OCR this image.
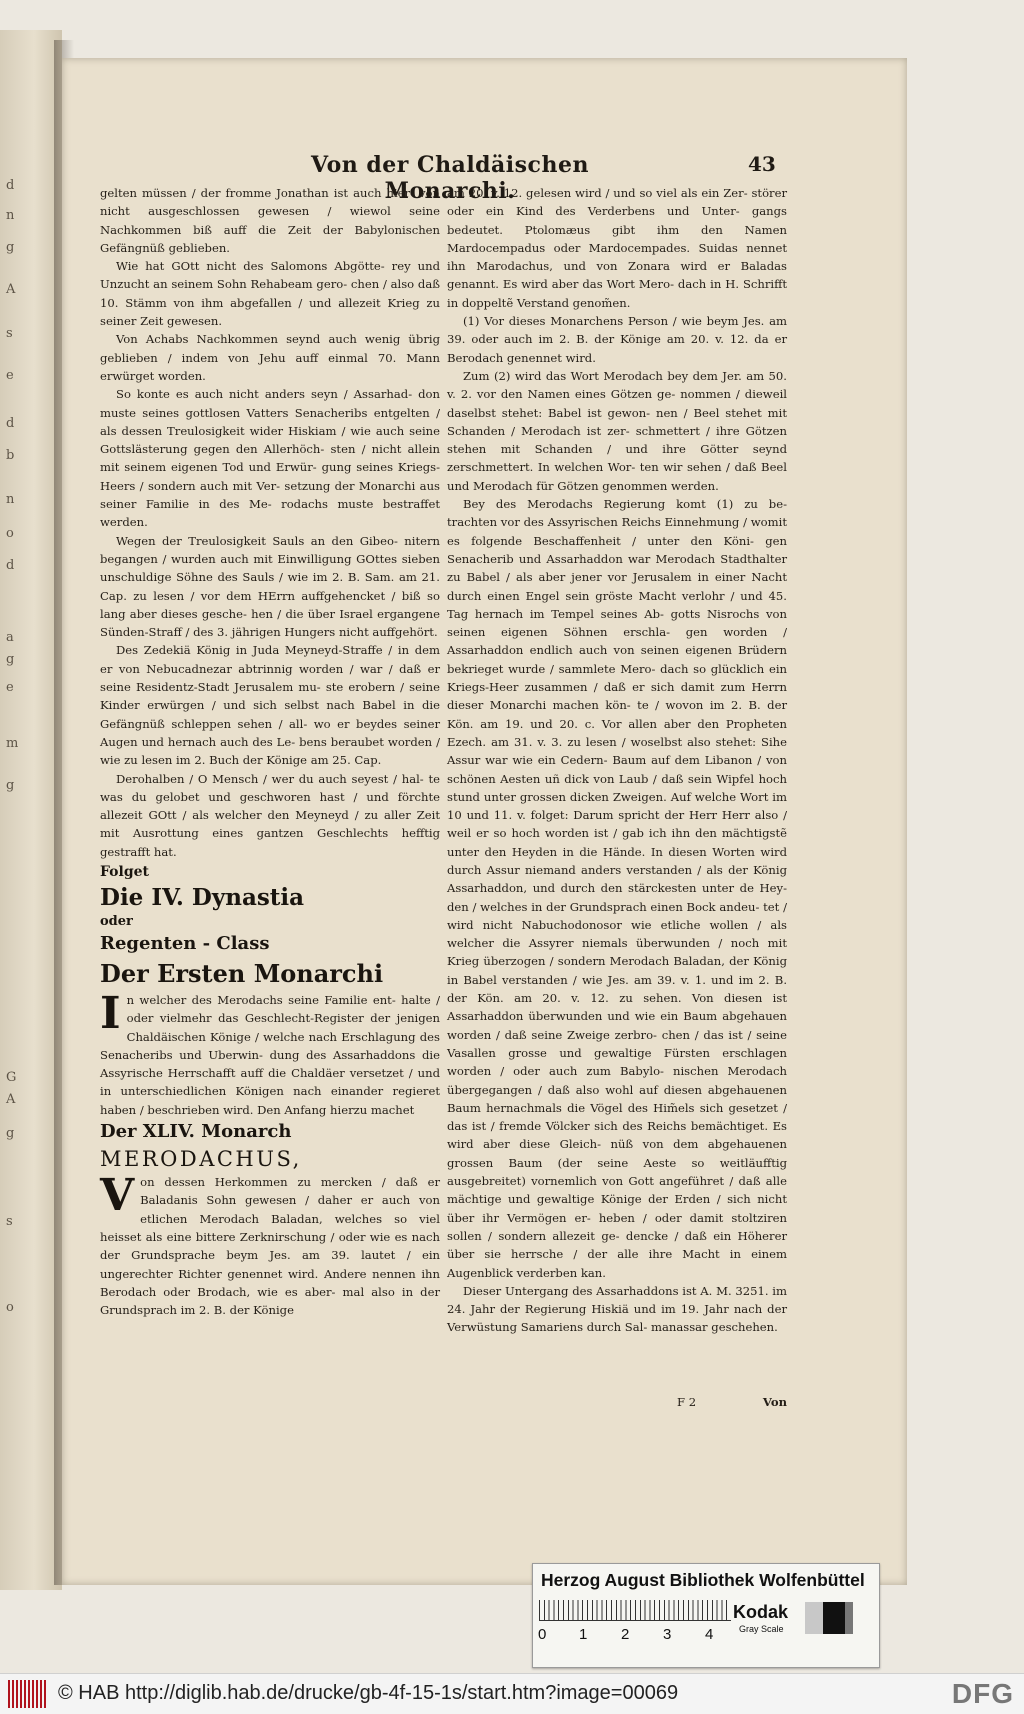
d
n
g
A
s
e
d
b
n
o
d
a
g
e
m
g
G
A
g
s
o
Von der Chaldäischen Monarchi.
43

gelten müssen / der fromme Jonathan ist auch hier- von nicht ausgeschlossen gewesen / wiewol seine Nachkommen biß auff die Zeit der Babylonischen Gefängnüß geblieben.

Wie hat GOtt nicht des Salomons Abgötte- rey und Unzucht an seinem Sohn Rehabeam gero- chen / also daß 10. Stämm von ihm abgefallen / und allezeit Krieg zu seiner Zeit gewesen.

Von Achabs Nachkommen seynd auch wenig übrig geblieben / indem von Jehu auff einmal 70. Mann erwürget worden.

So konte es auch nicht anders seyn / Assarhad- don muste seines gottlosen Vatters Senacheribs entgelten / als dessen Treulosigkeit wider Hiskiam / wie auch seine Gottslästerung gegen den Allerhöch- sten / nicht allein mit seinem eigenen Tod und Erwür- gung seines Kriegs-Heers / sondern auch mit Ver- setzung der Monarchi aus seiner Familie in des Me- rodachs muste bestraffet werden.

Wegen der Treulosigkeit Sauls an den Gibeo- nitern begangen / wurden auch mit Einwilligung GOttes sieben unschuldige Söhne des Sauls / wie im 2. B. Sam. am 21. Cap. zu lesen / vor dem HErrn auffgehencket / biß so lang aber dieses gesche- hen / die über Israel ergangene Sünden-Straff / des 3. jährigen Hungers nicht auffgehört.

Des Zedekiä König in Juda Meyneyd-Straffe / in dem er von Nebucadnezar abtrinnig worden / war / daß er seine Residentz-Stadt Jerusalem mu- ste erobern / seine Kinder erwürgen / und sich selbst nach Babel in die Gefängnüß schleppen sehen / all- wo er beydes seiner Augen und hernach auch des Le- bens beraubet worden / wie zu lesen im 2. Buch der Könige am 25. Cap.

Derohalben / O Mensch / wer du auch seyest / hal- te was du gelobet und geschworen hast / und förchte allezeit GOtt / als welcher den Meyneyd / zu aller Zeit mit Ausrottung eines gantzen Geschlechts hefftig gestrafft hat.

Folget

Die IV. Dynastia

oder

Regenten - Class

Der Ersten Monarchi

In welcher des Merodachs seine Familie ent- halte / oder vielmehr das Geschlecht-Register der jenigen Chaldäischen Könige / welche nach Erschlagung des Senacheribs und Uberwin- dung des Assarhaddons die Assyrische Herrschafft auff die Chaldäer versetzet / und in unterschiedlichen Königen nach einander regieret haben / beschrieben wird. Den Anfang hierzu machet

Der XLIV. Monarch

MERODACHUS,

Von dessen Herkommen zu mercken / daß er Baladanis Sohn gewesen / daher er auch von etlichen Merodach Baladan, welches so viel heisset als eine bittere Zerknirschung / oder wie es nach der Grundsprache beym Jes. am 39. lautet / ein ungerechter Richter genennet wird. Andere nennen ihn Berodach oder Brodach, wie es aber- mal also in der Grundsprach im 2. B. der Könige

am 20. v. 12. gelesen wird / und so viel als ein Zer- störer oder ein Kind des Verderbens und Unter- gangs bedeutet. Ptolomæus gibt ihm den Namen Mardocempadus oder Mardocempades. Suidas nennet ihn Marodachus, und von Zonara wird er Baladas genannt. Es wird aber das Wort Mero- dach in H. Schrifft in doppeltẽ Verstand genom̃en.

(1) Vor dieses Monarchens Person / wie beym Jes. am 39. oder auch im 2. B. der Könige am 20. v. 12. da er Berodach genennet wird.

Zum (2) wird das Wort Merodach bey dem Jer. am 50. v. 2. vor den Namen eines Götzen ge- nommen / dieweil daselbst stehet: Babel ist gewon- nen / Beel stehet mit Schanden / Merodach ist zer- schmettert / ihre Götzen stehen mit Schanden / und ihre Götter seynd zerschmettert. In welchen Wor- ten wir sehen / daß Beel und Merodach für Götzen genommen werden.

Bey des Merodachs Regierung komt (1) zu be- trachten vor des Assyrischen Reichs Einnehmung / womit es folgende Beschaffenheit / unter den Köni- gen Senacherib und Assarhaddon war Merodach Stadthalter zu Babel / als aber jener vor Jerusalem in einer Nacht durch einen Engel sein gröste Macht verlohr / und 45. Tag hernach im Tempel seines Ab- gotts Nisrochs von seinen eigenen Söhnen erschla- gen worden / Assarhaddon endlich auch von seinen eigenen Brüdern bekrieget wurde / sammlete Mero- dach so glücklich ein Kriegs-Heer zusammen / daß er sich damit zum Herrn dieser Monarchi machen kön- te / wovon im 2. B. der Kön. am 19. und 20. c. Vor allen aber den Propheten Ezech. am 31. v. 3. zu lesen / woselbst also stehet: Sihe Assur war wie ein Cedern- Baum auf dem Libanon / von schönen Aesten uñ dick von Laub / daß sein Wipfel hoch stund unter grossen dicken Zweigen. Auf welche Wort im 10 und 11. v. folget: Darum spricht der Herr Herr also / weil er so hoch worden ist / gab ich ihn den mächtigstẽ unter den Heyden in die Hände. In diesen Worten wird durch Assur niemand anders verstanden / als der König Assarhaddon, und durch den stärckesten unter de Hey- den / welches in der Grundsprach einen Bock andeu- tet / wird nicht Nabuchodonosor wie etliche wollen / als welcher die Assyrer niemals überwunden / noch mit Krieg überzogen / sondern Merodach Baladan, der König in Babel verstanden / wie Jes. am 39. v. 1. und im 2. B. der Kön. am 20. v. 12. zu sehen. Von diesen ist Assarhaddon überwunden und wie ein Baum abgehauen worden / daß seine Zweige zerbro- chen / das ist / seine Vasallen grosse und gewaltige Fürsten erschlagen worden / oder auch zum Babylo- nischen Merodach übergegangen / daß also wohl auf diesen abgehauenen Baum hernachmals die Vögel des Him̃els sich gesetzet / das ist / fremde Völcker sich des Reichs bemächtiget. Es wird aber diese Gleich- nüß von dem abgehauenen grossen Baum (der seine Aeste so weitläufftig ausgebreitet) vornemlich von Gott angeführet / daß alle mächtige und gewaltige Könige der Erden / sich nicht über ihr Vermögen er- heben / oder damit stoltziren sollen / sondern allezeit ge- dencke / daß ein Höherer über sie herrsche / der alle ihre Macht in einem Augenblick verderben kan.

Dieser Untergang des Assarhaddons ist A. M. 3251. im 24. Jahr der Regierung Hiskiä und im 19. Jahr nach der Verwüstung Samariens durch Sal- manassar geschehen.

F 2	Von
Herzog August Bibliothek Wolfenbüttel
0 1 2 3 4
Kodak
Gray Scale
© HAB http://diglib.hab.de/drucke/gb-4f-15-1s/start.htm?image=00069	DFG
